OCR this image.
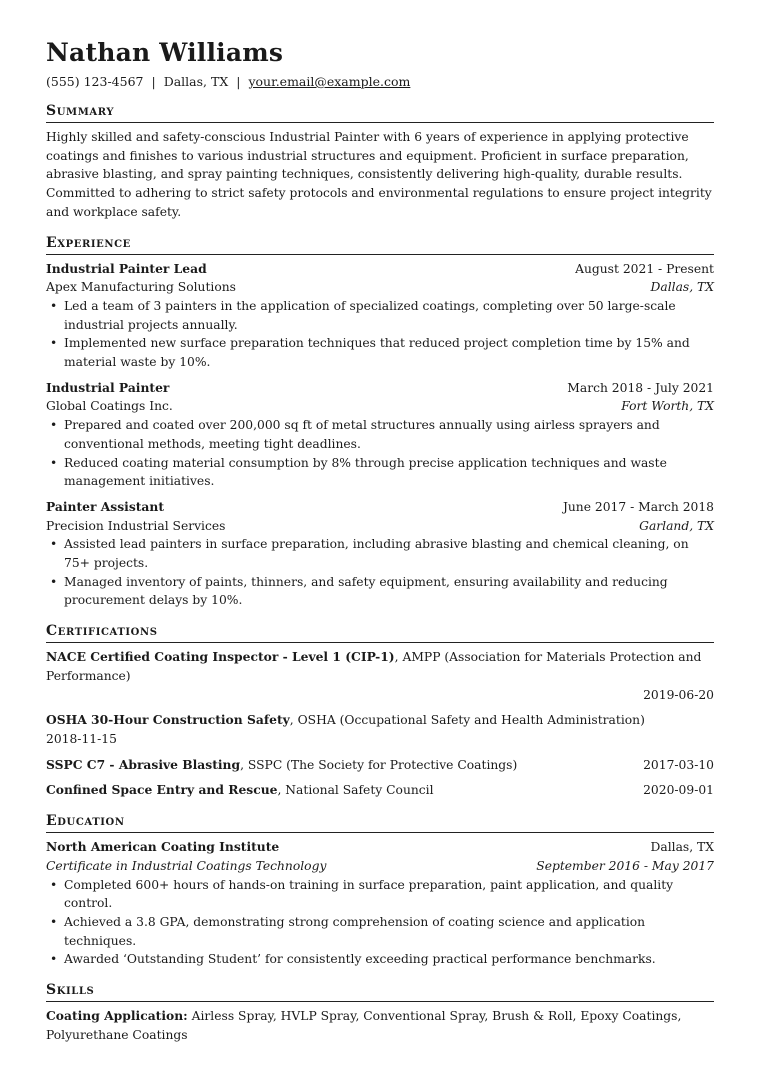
Nathan Williams
(555) 123-4567 | Dallas, TX | your.email@example.com
Summary
Highly skilled and safety-conscious Industrial Painter with 6 years of experience in applying protective coatings and finishes to various industrial structures and equipment. Proficient in surface preparation, abrasive blasting, and spray painting techniques, consistently delivering high-quality, durable results. Committed to adhering to strict safety protocols and environmental regulations to ensure project integrity and workplace safety.
Experience
Industrial Painter Lead	August 2021 - Present
Apex Manufacturing Solutions	Dallas, TX
• Led a team of 3 painters in the application of specialized coatings, completing over 50 large-scale industrial projects annually.
• Implemented new surface preparation techniques that reduced project completion time by 15% and material waste by 10%.
Industrial Painter	March 2018 - July 2021
Global Coatings Inc.	Fort Worth, TX
• Prepared and coated over 200,000 sq ft of metal structures annually using airless sprayers and conventional methods, meeting tight deadlines.
• Reduced coating material consumption by 8% through precise application techniques and waste management initiatives.
Painter Assistant	June 2017 - March 2018
Precision Industrial Services	Garland, TX
• Assisted lead painters in surface preparation, including abrasive blasting and chemical cleaning, on 75+ projects.
• Managed inventory of paints, thinners, and safety equipment, ensuring availability and reducing procurement delays by 10%.
Certifications
NACE Certified Coating Inspector - Level 1 (CIP-1), AMPP (Association for Materials Protection and Performance)
2019-06-20
OSHA 30-Hour Construction Safety, OSHA (Occupational Safety and Health Administration)
2018-11-15
SSPC C7 - Abrasive Blasting, SSPC (The Society for Protective Coatings)	2017-03-10
Confined Space Entry and Rescue, National Safety Council	2020-09-01
Education
North American Coating Institute	Dallas, TX
Certificate in Industrial Coatings Technology	September 2016 - May 2017
• Completed 600+ hours of hands-on training in surface preparation, paint application, and quality control.
• Achieved a 3.8 GPA, demonstrating strong comprehension of coating science and application techniques.
• Awarded ‘Outstanding Student’ for consistently exceeding practical performance benchmarks.
Skills
Coating Application: Airless Spray, HVLP Spray, Conventional Spray, Brush & Roll, Epoxy Coatings, Polyurethane Coatings
